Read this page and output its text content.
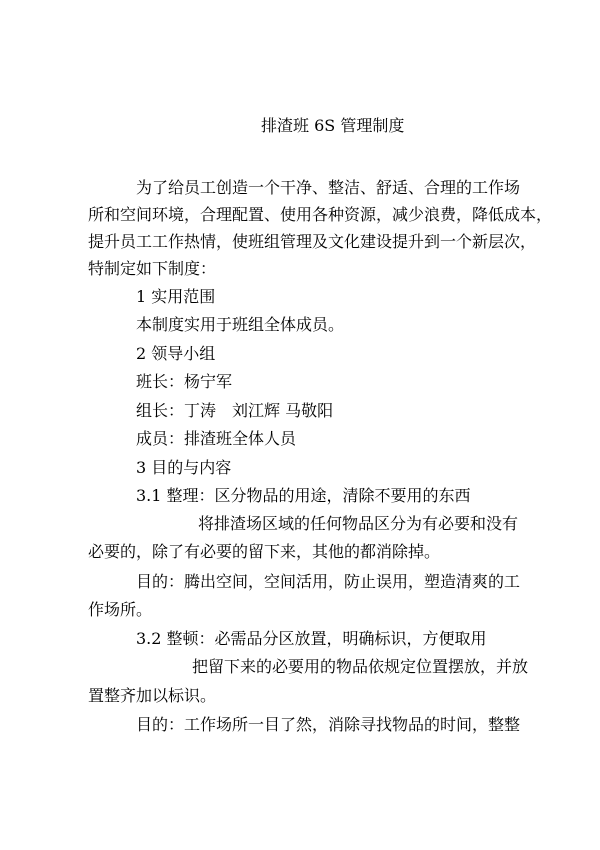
排渣班 6S 管理制度
为了给员工创造一个干净、整洁、舒适、合理的工作场
所和空间环境，合理配置、使用各种资源，减少浪费，降低成本，
提升员工工作热情，使班组管理及文化建设提升到一个新层次，
特制定如下制度：
1 实用范围
本制度实用于班组全体成员。
2 领导小组
班长：杨宁军
组长：丁涛　刘江辉 马敬阳
成员：排渣班全体人员
3 目的与内容
3.1 整理：区分物品的用途，清除不要用的东西
将排渣场区域的任何物品区分为有必要和没有
必要的，除了有必要的留下来，其他的都消除掉。
目的：腾出空间，空间活用，防止误用，塑造清爽的工
作场所。
3.2 整顿：必需品分区放置，明确标识，方便取用
把留下来的必要用的物品依规定位置摆放，并放
置整齐加以标识。
目的：工作场所一目了然，消除寻找物品的时间，整整
